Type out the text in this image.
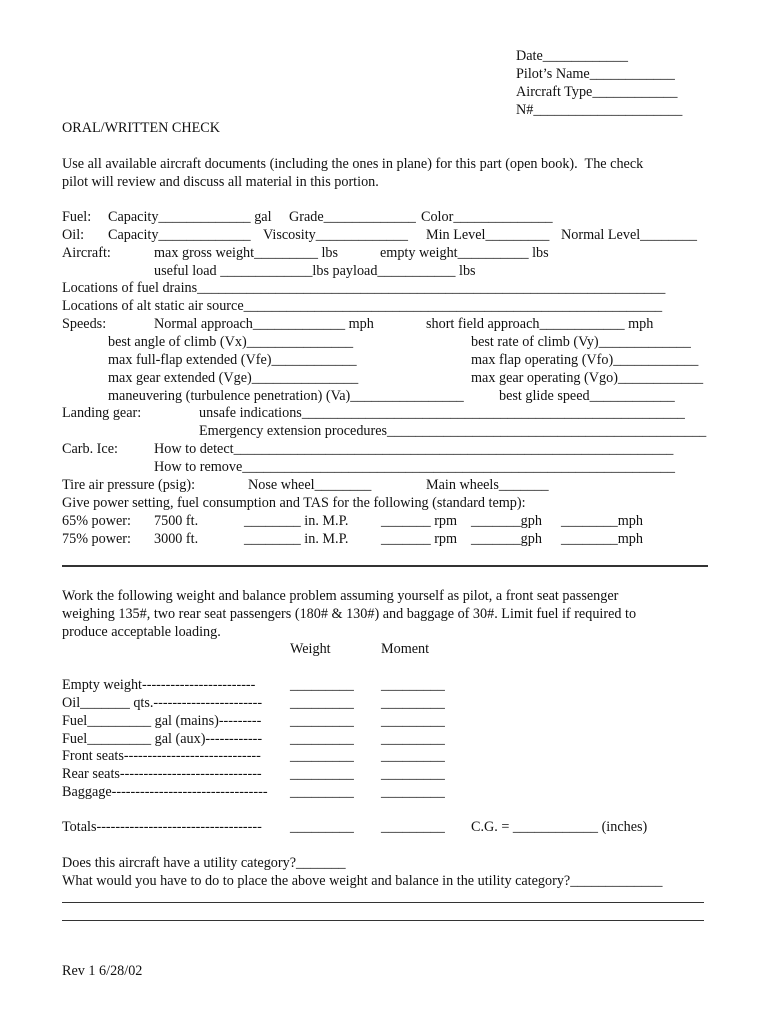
Date____________
Pilot’s Name____________
Aircraft Type____________
N#_____________________
ORAL/WRITTEN CHECK
Use all available aircraft documents (including the ones in plane) for this part (open book).  The check
pilot will review and discuss all material in this portion.
Fuel: Capacity_____________ gal Grade_____________ Color______________
Oil: Capacity_____________ Viscosity_____________ Min Level_________ Normal Level________
Aircraft:	max gross weight_________ lbs	empty weight__________ lbs
useful load _____________lbs payload___________ lbs
Locations of fuel drains__________________________________________________________________
Locations of alt static air source___________________________________________________________
Speeds:	Normal approach_____________ mph	short field approach____________ mph
best angle of climb (Vx)_______________	best rate of climb (Vy)_____________
max full-flap extended (Vfe)____________	max flap operating (Vfo)____________
max gear extended (Vge)_______________	max gear operating (Vgo)____________
maneuvering (turbulence penetration) (Va)________________ best glide speed____________
Landing gear:	unsafe indications______________________________________________________
Emergency extension procedures_____________________________________________
Carb. Ice:	How to detect______________________________________________________________
How to remove_____________________________________________________________
Tire air pressure (psig):	Nose wheel________	Main wheels_______
Give power setting, fuel consumption and TAS for the following (standard temp):
65% power: 7500 ft.	________ in. M.P. _______ rpm _______gph ________mph
75% power: 3000 ft.	________ in. M.P. _______ rpm _______gph ________mph
Work the following weight and balance problem assuming yourself as pilot, a front seat passenger
weighing 135#, two rear seat passengers (180# & 130#) and baggage of 30#. Limit fuel if required to
produce acceptable loading.
Weight	Moment
Empty weight------------------------ _________ _________
Oil_______ qts.----------------------- _________ _________
Fuel_________ gal (mains)--------- _________ _________
Fuel_________ gal (aux)------------ _________ _________
Front seats----------------------------- _________ _________
Rear seats------------------------------ _________ _________
Baggage--------------------------------- _________ _________
Totals----------------------------------- _________ _________ C.G. = ____________ (inches)
Does this aircraft have a utility category?_______
What would you have to do to place the above weight and balance in the utility category?_____________
Rev 1 6/28/02
